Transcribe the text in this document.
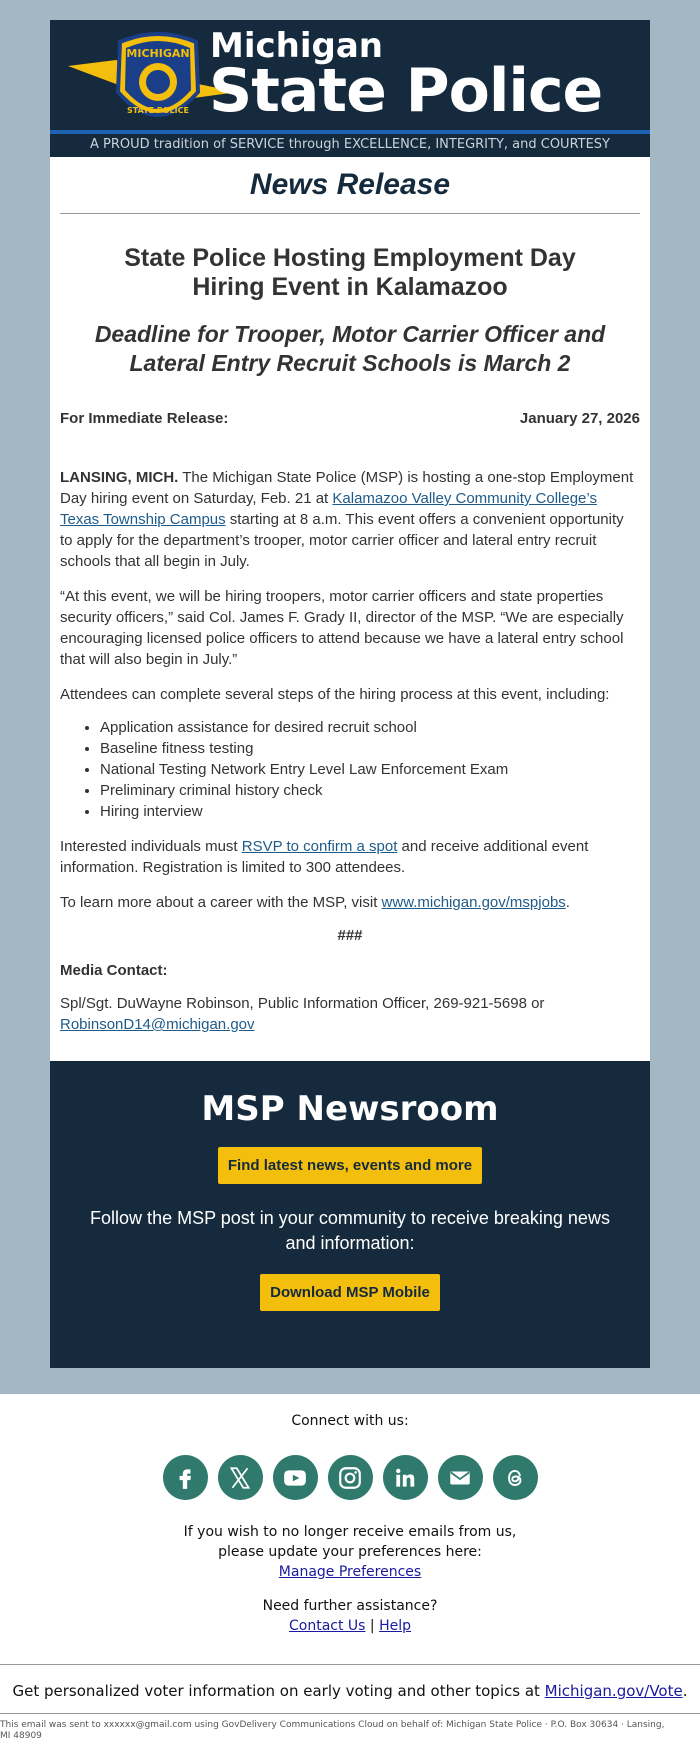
MICHIGAN
STATE POLICE
Michigan
State Police
A PROUD tradition of SERVICE through EXCELLENCE, INTEGRITY, and COURTESY
News Release
State Police Hosting Employment Day Hiring Event in Kalamazoo
Deadline for Trooper, Motor Carrier Officer and Lateral Entry Recruit Schools is March 2
For Immediate Release:	January 27, 2026

LANSING, MICH. The Michigan State Police (MSP) is hosting a one-stop Employment Day hiring event on Saturday, Feb. 21 at Kalamazoo Valley Community College’s Texas Township Campus starting at 8 a.m. This event offers a convenient opportunity to apply for the department’s trooper, motor carrier officer and lateral entry recruit schools that all begin in July.

“At this event, we will be hiring troopers, motor carrier officers and state properties security officers,” said Col. James F. Grady II, director of the MSP. “We are especially encouraging licensed police officers to attend because we have a lateral entry school that will also begin in July.”

Attendees can complete several steps of the hiring process at this event, including:

• Application assistance for desired recruit school
• Baseline fitness testing
• National Testing Network Entry Level Law Enforcement Exam
• Preliminary criminal history check
• Hiring interview

Interested individuals must RSVP to confirm a spot and receive additional event information. Registration is limited to 300 attendees.

To learn more about a career with the MSP, visit www.michigan.gov/mspjobs.

###
Media Contact:

Spl/Sgt. DuWayne Robinson, Public Information Officer, 269-921-5698 or RobinsonD14@michigan.gov

MSP Newsroom
Find latest news, events and more
Follow the MSP post in your community to receive breaking news and information:
Download MSP Mobile
Connect with us:
If you wish to no longer receive emails from us,
please update your preferences here:
Manage Preferences
Need further assistance?
Contact Us | Help
Get personalized voter information on early voting and other topics at Michigan.gov/Vote.
This email was sent to xxxxxx@gmail.com using GovDelivery Communications Cloud on behalf of: Michigan State Police · P.O. Box 30634 · Lansing, MI 48909
